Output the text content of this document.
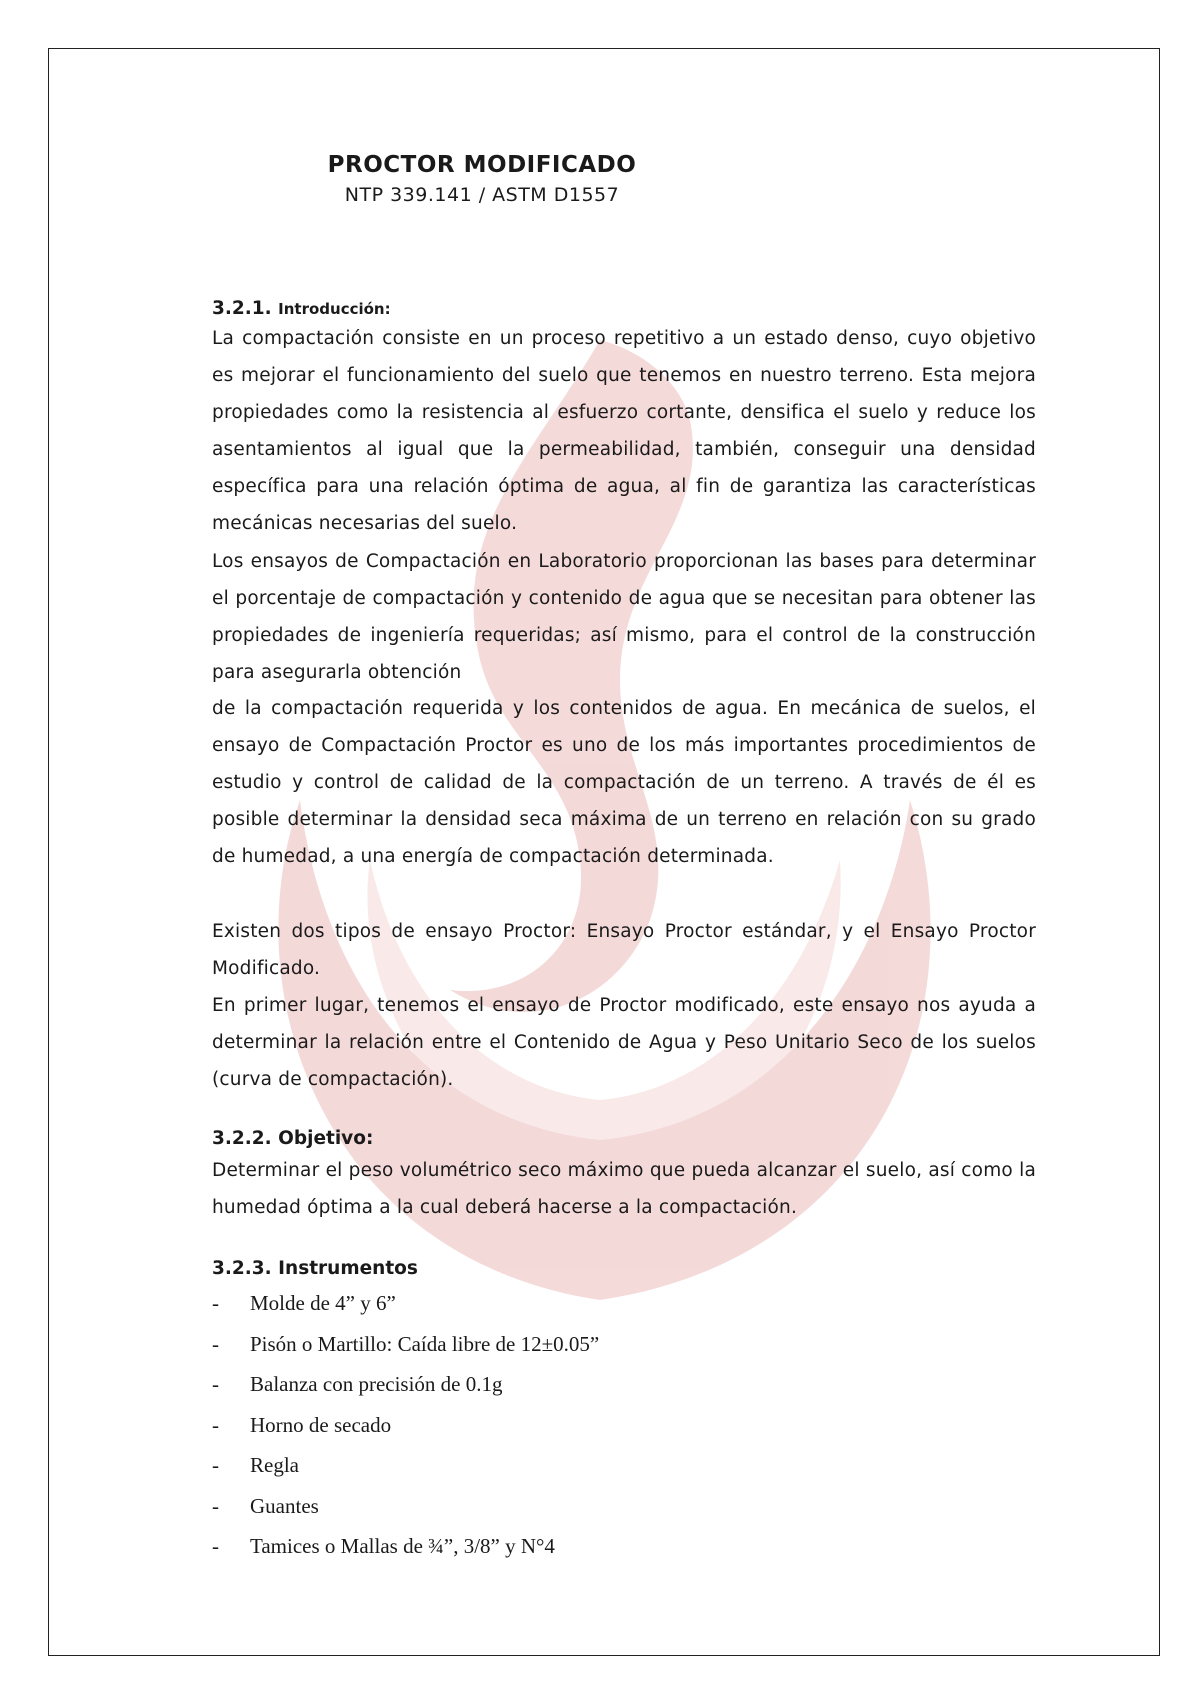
PROCTOR MODIFICADO

NTP 339.141 / ASTM D1557

3.2.1. Introducción:

La compactación consiste en un proceso repetitivo a un estado denso, cuyo objetivo es mejorar el funcionamiento del suelo que tenemos en nuestro terreno. Esta mejora propiedades como la resistencia al esfuerzo cortante, densifica el suelo y reduce los asentamientos al igual que la permeabilidad, también, conseguir una densidad específica para una relación óptima de agua, al fin de garantiza las características mecánicas necesarias del suelo.

Los ensayos de Compactación en Laboratorio proporcionan las bases para determinar el porcentaje de compactación y contenido de agua que se necesitan para obtener las propiedades de ingeniería requeridas; así mismo, para el control de la construcción para asegurarla obtención

de la compactación requerida y los contenidos de agua. En mecánica de suelos, el ensayo de Compactación Proctor es uno de los más importantes procedimientos de estudio y control de calidad de la compactación de un terreno. A través de él es posible determinar la densidad seca máxima de un terreno en relación con su grado de humedad, a una energía de compactación determinada.

Existen dos tipos de ensayo Proctor: Ensayo Proctor estándar, y el Ensayo Proctor Modificado.

En primer lugar, tenemos el ensayo de Proctor modificado, este ensayo nos ayuda a determinar la relación entre el Contenido de Agua y Peso Unitario Seco de los suelos (curva de compactación).

3.2.2. Objetivo:

Determinar el peso volumétrico seco máximo que pueda alcanzar el suelo, así como la humedad óptima a la cual deberá hacerse a la compactación.

3.2.3. Instrumentos
-	Molde de 4” y 6”
-	Pisón o Martillo: Caída libre de 12±0.05”
-	Balanza con precisión de 0.1g
-	Horno de secado
-	Regla
-	Guantes
-	Tamices o Mallas de ¾”, 3/8” y N°4
